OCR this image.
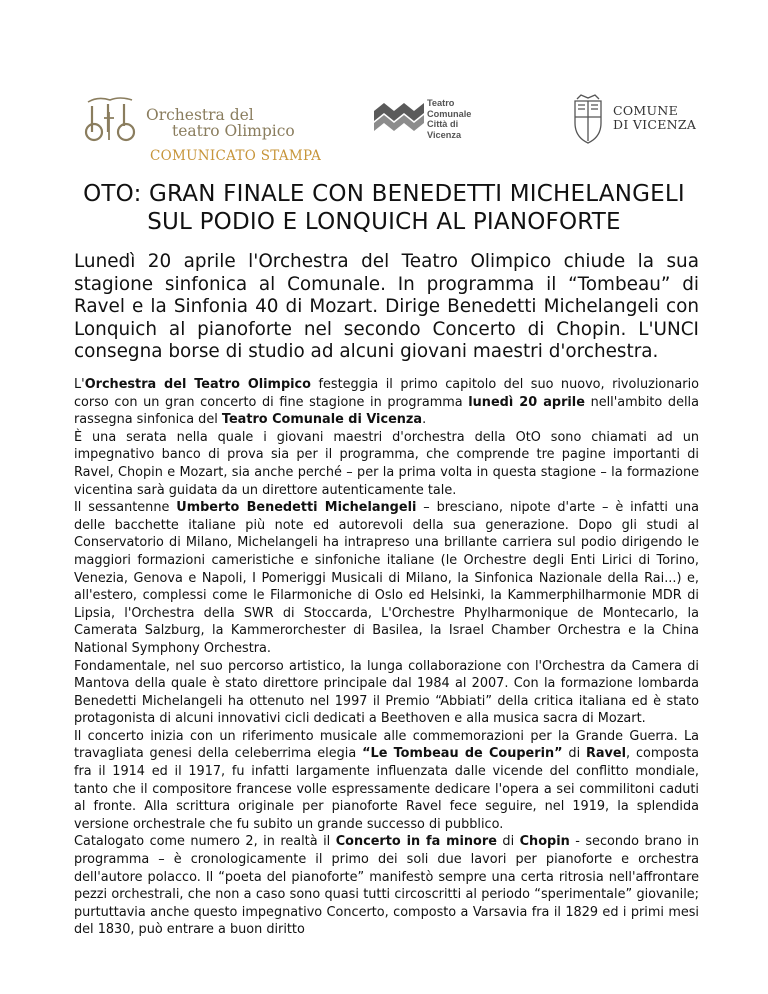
Orchestra del
teatro Olimpico
COMUNICATO STAMPA
Teatro
Comunale
Città di Vicenza
COMUNE
DI VICENZA
OTO: GRAN FINALE CON BENEDETTI MICHELANGELI
SUL PODIO E LONQUICH AL PIANOFORTE

Lunedì 20 aprile l'Orchestra del Teatro Olimpico chiude la sua stagione sinfonica al Comunale. In programma il “Tombeau” di Ravel e la Sinfonia 40 di Mozart. Dirige Benedetti Michelangeli con Lonquich al pianoforte nel secondo Concerto di Chopin. L'UNCI consegna borse di studio ad alcuni giovani maestri d'orchestra.

L'Orchestra del Teatro Olimpico festeggia il primo capitolo del suo nuovo, rivoluzionario corso con un gran concerto di fine stagione in programma lunedì 20 aprile nell'ambito della rassegna sinfonica del Teatro Comunale di Vicenza.

È una serata nella quale i giovani maestri d'orchestra della OtO sono chiamati ad un impegnativo banco di prova sia per il programma, che comprende tre pagine importanti di Ravel, Chopin e Mozart, sia anche perché – per la prima volta in questa stagione – la formazione vicentina sarà guidata da un direttore autenticamente tale.

Il sessantenne Umberto Benedetti Michelangeli – bresciano, nipote d'arte – è infatti una delle bacchette italiane più note ed autorevoli della sua generazione. Dopo gli studi al Conservatorio di Milano, Michelangeli ha intrapreso una brillante carriera sul podio dirigendo le maggiori formazioni cameristiche e sinfoniche italiane (le Orchestre degli Enti Lirici di Torino, Venezia, Genova e Napoli, I Pomeriggi Musicali di Milano, la Sinfonica Nazionale della Rai...) e, all'estero, complessi come le Filarmoniche di Oslo ed Helsinki, la Kammerphilharmonie MDR di Lipsia, l'Orchestra della SWR di Stoccarda, L'Orchestre Phylharmonique de Montecarlo, la Camerata Salzburg, la Kammerorchester di Basilea, la Israel Chamber Orchestra e la China National Symphony Orchestra.

Fondamentale, nel suo percorso artistico, la lunga collaborazione con l'Orchestra da Camera di Mantova della quale è stato direttore principale dal 1984 al 2007. Con la formazione lombarda Benedetti Michelangeli ha ottenuto nel 1997 il Premio “Abbiati” della critica italiana ed è stato protagonista di alcuni innovativi cicli dedicati a Beethoven e alla musica sacra di Mozart.

Il concerto inizia con un riferimento musicale alle commemorazioni per la Grande Guerra. La travagliata genesi della celeberrima elegia “Le Tombeau de Couperin” di Ravel, composta fra il 1914 ed il 1917, fu infatti largamente influenzata dalle vicende del conflitto mondiale, tanto che il compositore francese volle espressamente dedicare l'opera a sei commilitoni caduti al fronte. Alla scrittura originale per pianoforte Ravel fece seguire, nel 1919, la splendida versione orchestrale che fu subito un grande successo di pubblico.

Catalogato come numero 2, in realtà il Concerto in fa minore di Chopin - secondo brano in programma – è cronologicamente il primo dei soli due lavori per pianoforte e orchestra dell'autore polacco. Il “poeta del pianoforte” manifestò sempre una certa ritrosia nell'affrontare pezzi orchestrali, che non a caso sono quasi tutti circoscritti al periodo “sperimentale” giovanile; purtuttavia anche questo impegnativo Concerto, composto a Varsavia fra il 1829 ed i primi mesi del 1830, può entrare a buon diritto
